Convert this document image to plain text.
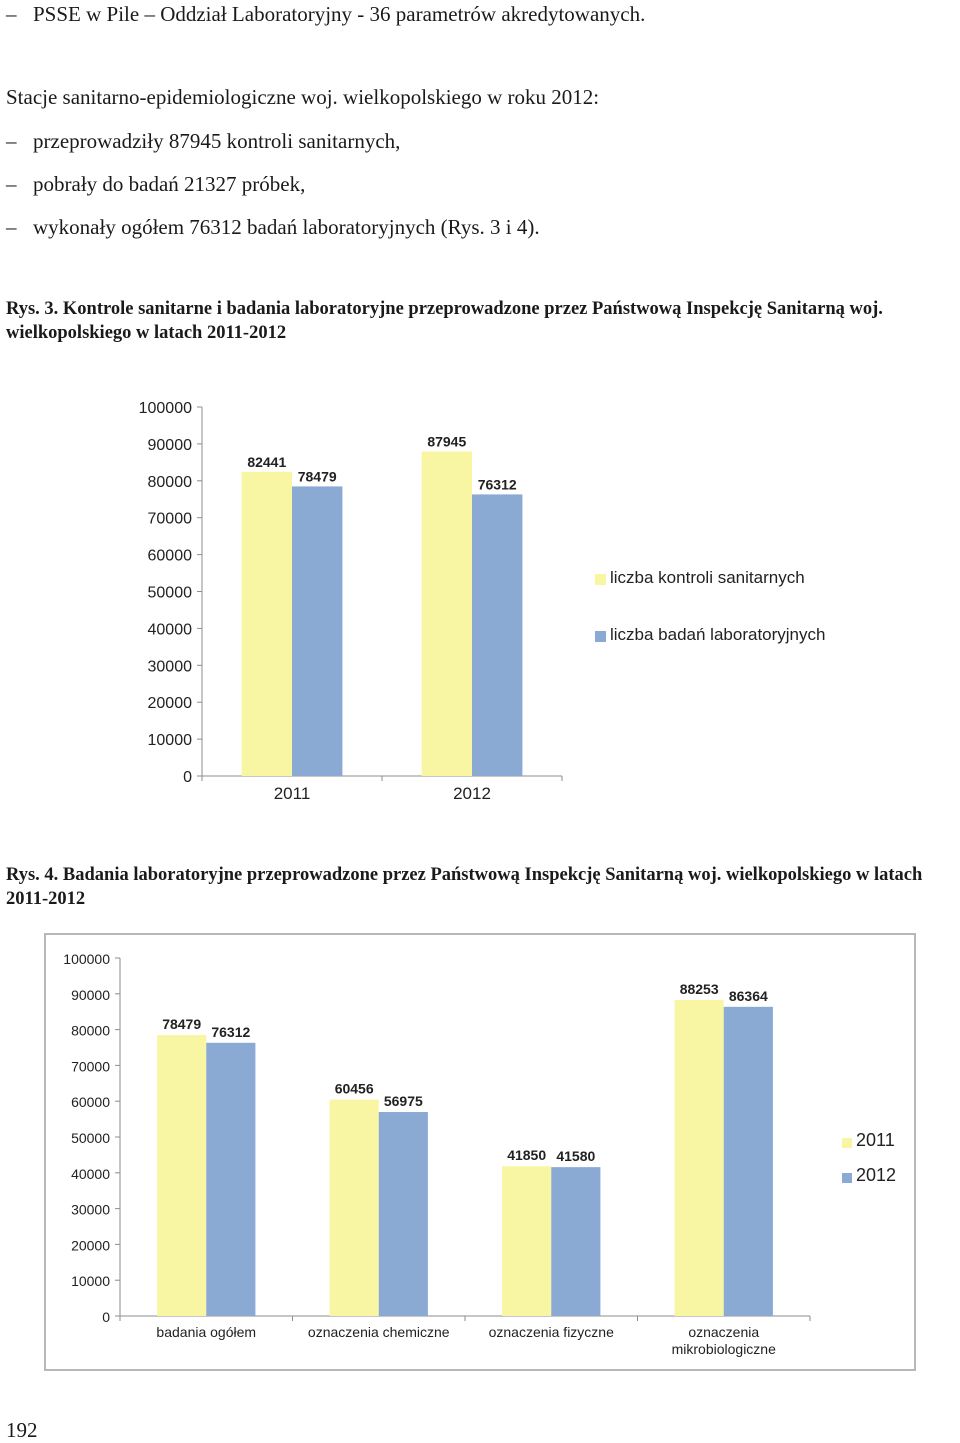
– PSSE w Pile – Oddział Laboratoryjny - 36 parametrów akredytowanych.
Stacje sanitarno-epidemiologiczne woj. wielkopolskiego w roku 2012:
– przeprowadziły 87945 kontroli sanitarnych,
– pobrały do badań 21327 próbek,
– wykonały ogółem 76312 badań laboratoryjnych (Rys. 3 i 4).
Rys. 3. Kontrole sanitarne i badania laboratoryjne przeprowadzone przez Państwową Inspekcję Sanitarną woj. wielkopolskiego w latach 2011-2012
0
10000
20000
30000
40000
50000
60000
70000
80000
90000
100000
82441
78479
2011
87945
76312
2012
liczba kontroli sanitarnych
liczba badań laboratoryjnych
Rys. 4. Badania laboratoryjne przeprowadzone przez Państwową Inspekcję Sanitarną woj. wielkopolskiego w latach 2011-2012
0
10000
20000
30000
40000
50000
60000
70000
80000
90000
100000
78479 76312
badania ogółem
60456
56975
oznaczenia chemiczne
41850 41580
oznaczenia fizyczne
88253 86364
oznaczenia
mikrobiologiczne
2011
2012
192
